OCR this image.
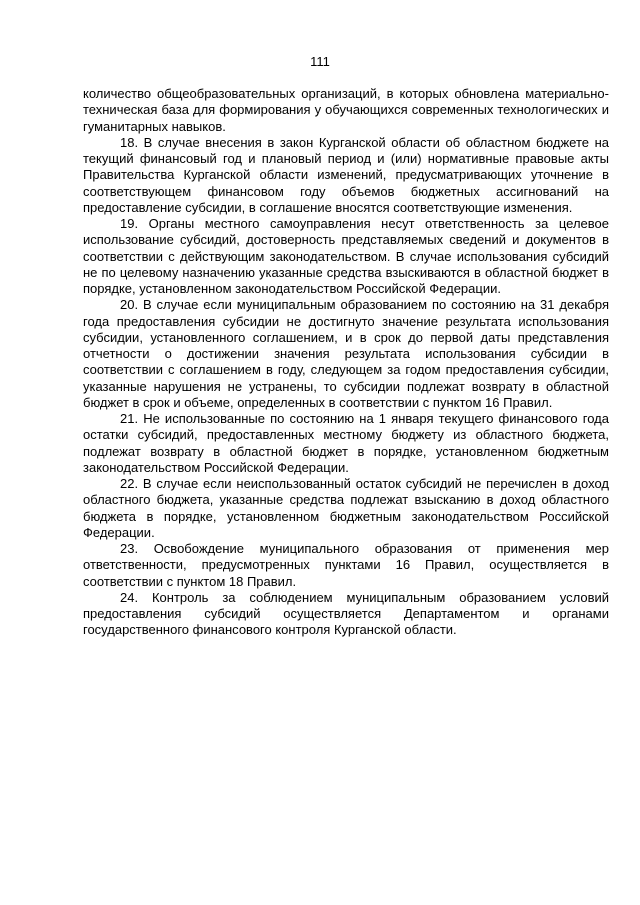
111

количество общеобразовательных организаций, в которых обновлена материально-техническая база для формирования у обучающихся современных технологических и гуманитарных навыков.

18. В случае внесения в закон Курганской области об областном бюджете на текущий финансовый год и плановый период и (или) нормативные правовые акты Правительства Курганской области изменений, предусматривающих уточнение в соответствующем финансовом году объемов бюджетных ассигнований на предоставление субсидии, в соглашение вносятся соответствующие изменения.

19. Органы местного самоуправления несут ответственность за целевое использование субсидий, достоверность представляемых сведений и документов в соответствии с действующим законодательством. В случае использования субсидий не по целевому назначению указанные средства взыскиваются в областной бюджет в порядке, установленном законодательством Российской Федерации.

20. В случае если муниципальным образованием по состоянию на 31 декабря года предоставления субсидии не достигнуто значение результата использования субсидии, установленного соглашением, и в срок до первой даты представления отчетности о достижении значения результата использования субсидии в соответствии с соглашением в году, следующем за годом предоставления субсидии, указанные нарушения не устранены, то субсидии подлежат возврату в областной бюджет в срок и объеме, определенных в соответствии с пунктом 16 Правил.

21. Не использованные по состоянию на 1 января текущего финансового года остатки субсидий, предоставленных местному бюджету из областного бюджета, подлежат возврату в областной бюджет в порядке, установленном бюджетным законодательством Российской Федерации.

22. В случае если неиспользованный остаток субсидий не перечислен в доход областного бюджета, указанные средства подлежат взысканию в доход областного бюджета в порядке, установленном бюджетным законодательством Российской Федерации.

23. Освобождение муниципального образования от применения мер ответственности, предусмотренных пунктами 16 Правил, осуществляется в соответствии с пунктом 18 Правил.

24. Контроль за соблюдением муниципальным образованием условий предоставления субсидий осуществляется Департаментом и органами государственного финансового контроля Курганской области.
